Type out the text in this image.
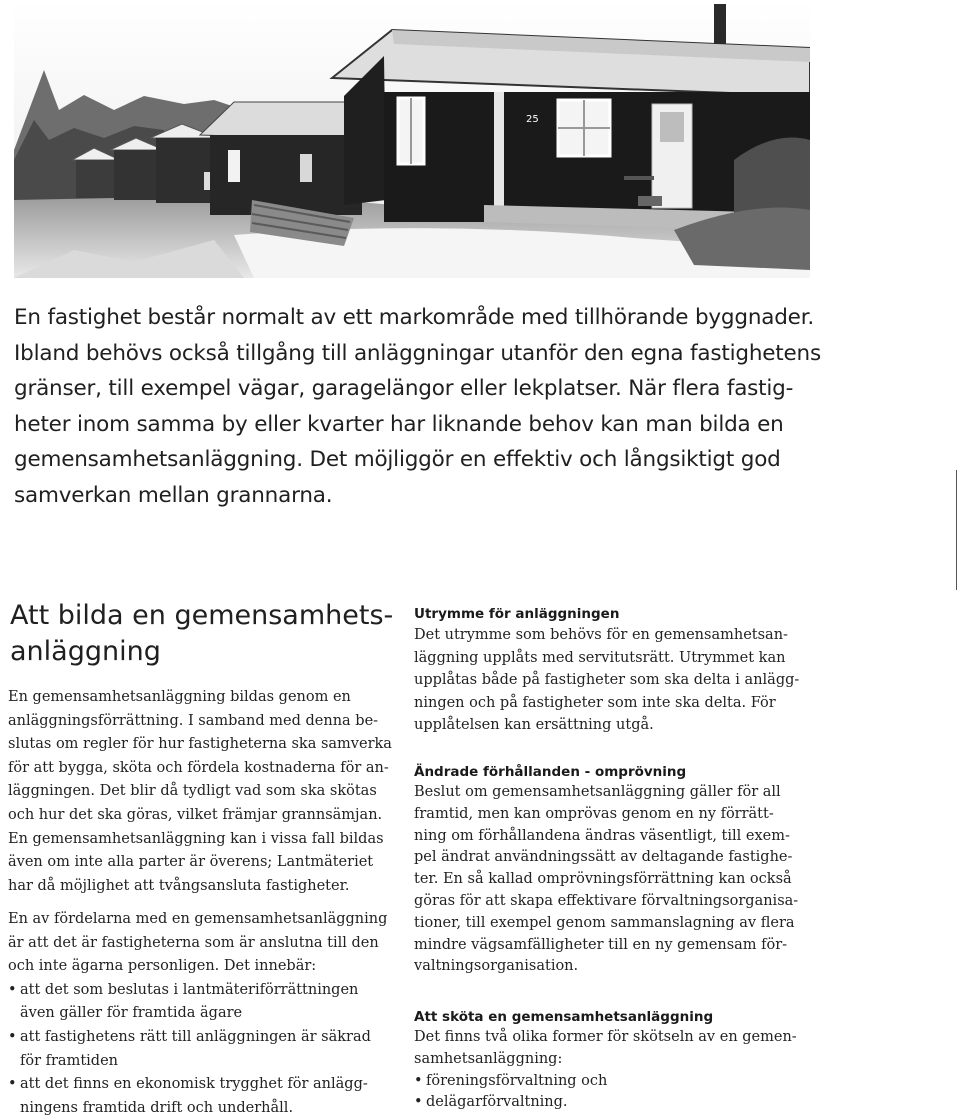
25
En fastighet består normalt av ett markområde med tillhörande byggnader.
Ibland behövs också tillgång till anläggningar utanför den egna fastighetens
gränser, till exempel vägar, garagelängor eller lekplatser. När flera fastig-
heter inom samma by eller kvarter har liknande behov kan man bilda en
gemensamhetsanläggning. Det möjliggör en effektiv och långsiktigt god
samverkan mellan grannarna.
Att bilda en gemensamhets-
anläggning
En gemensamhetsanläggning bildas genom en
anläggningsförrättning. I samband med denna be-
slutas om regler för hur fastigheterna ska samverka
för att bygga, sköta och fördela kostnaderna för an-
läggningen. Det blir då tydligt vad som ska skötas
och hur det ska göras, vilket främjar grannsämjan.
En gemensamhetsanläggning kan i vissa fall bildas
även om inte alla parter är överens; Lantmäteriet
har då möjlighet att tvångsansluta fastigheter.
En av fördelarna med en gemensamhetsanläggning
är att det är fastigheterna som är anslutna till den
och inte ägarna personligen. Det innebär:
• att det som beslutas i lantmäteriförrättningen
även gäller för framtida ägare
• att fastighetens rätt till anläggningen är säkrad
för framtiden
• att det finns en ekonomisk trygghet för anlägg-
ningens framtida drift och underhåll.
Utrymme för anläggningen
Det utrymme som behövs för en gemensamhetsan-
läggning upplåts med servitutsrätt. Utrymmet kan
upplåtas både på fastigheter som ska delta i anlägg-
ningen och på fastigheter som inte ska delta. För
upplåtelsen kan ersättning utgå.
Ändrade förhållanden - omprövning
Beslut om gemensamhetsanläggning gäller för all
framtid, men kan omprövas genom en ny förrätt-
ning om förhållandena ändras väsentligt, till exem-
pel ändrat användningssätt av deltagande fastighe-
ter. En så kallad omprövningsförrättning kan också
göras för att skapa effektivare förvaltningsorganisa-
tioner, till exempel genom sammanslagning av flera
mindre vägsamfälligheter till en ny gemensam för-
valtningsorganisation.
Att sköta en gemensamhetsanläggning
Det finns två olika former för skötseln av en gemen-
samhetsanläggning:
• föreningsförvaltning och
• delägarförvaltning.
